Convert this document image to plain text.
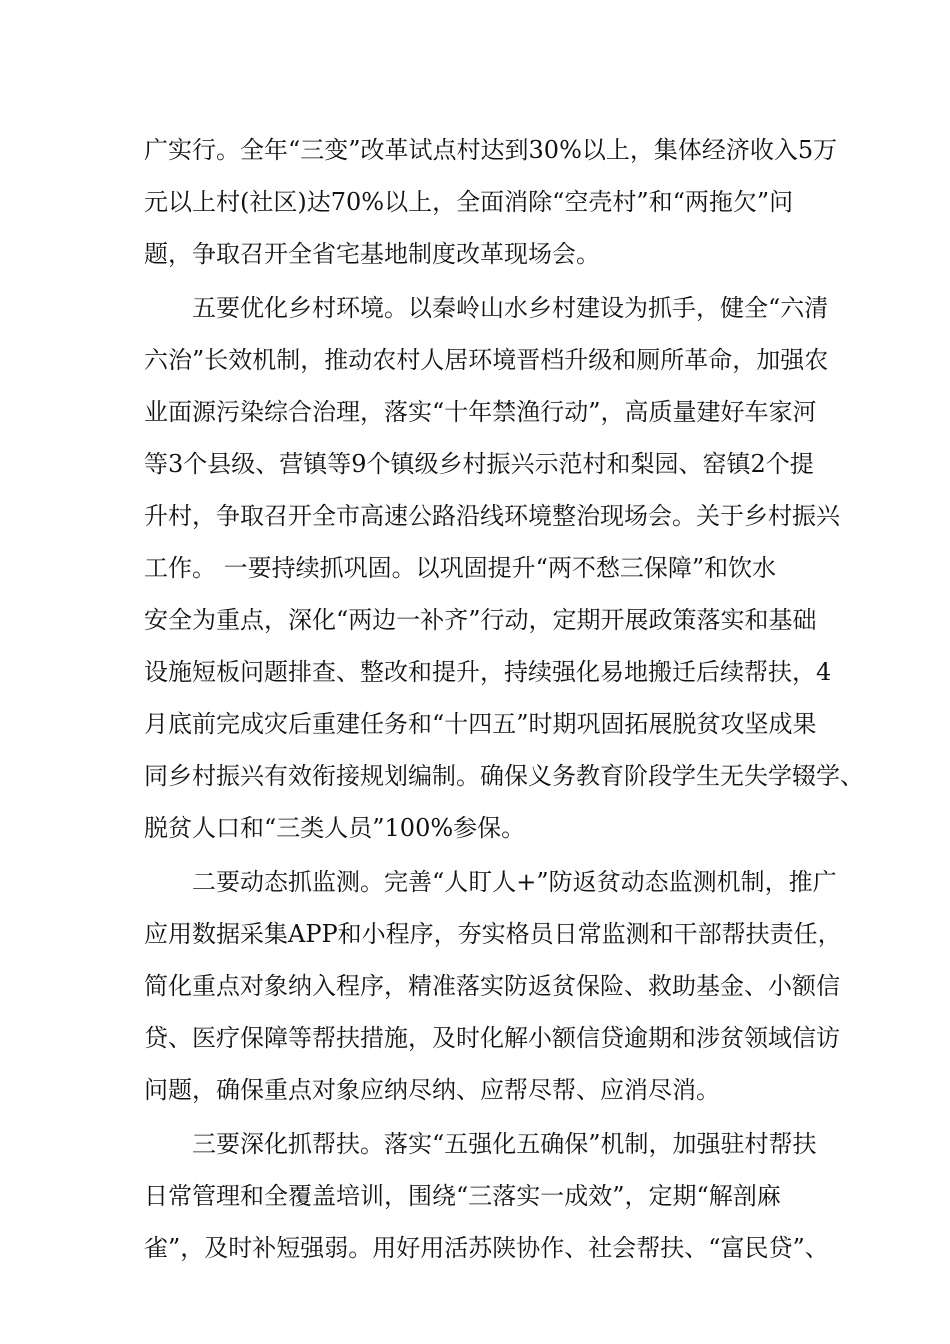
广实行。全年“三变”改革试点村达到30%以上，集体经济收入5万
元以上村(社区)达70%以上，全面消除“空壳村”和“两拖欠”问
题，争取召开全省宅基地制度改革现场会。
五要优化乡村环境。以秦岭山水乡村建设为抓手，健全“六清
六治”长效机制，推动农村人居环境晋档升级和厕所革命，加强农
业面源污染综合治理，落实“十年禁渔行动”，高质量建好车家河
等3个县级、营镇等9个镇级乡村振兴示范村和梨园、窑镇2个提
升村，争取召开全市高速公路沿线环境整治现场会。关于乡村振兴
工作。 一要持续抓巩固。以巩固提升“两不愁三保障”和饮水
安全为重点，深化“两边一补齐”行动，定期开展政策落实和基础
设施短板问题排查、整改和提升，持续强化易地搬迁后续帮扶，4
月底前完成灾后重建任务和“十四五”时期巩固拓展脱贫攻坚成果
同乡村振兴有效衔接规划编制。确保义务教育阶段学生无失学辍学、
脱贫人口和“三类人员”100%参保。
二要动态抓监测。完善“人盯人+”防返贫动态监测机制，推广
应用数据采集APP和小程序，夯实格员日常监测和干部帮扶责任，
简化重点对象纳入程序，精准落实防返贫保险、救助基金、小额信
贷、医疗保障等帮扶措施，及时化解小额信贷逾期和涉贫领域信访
问题，确保重点对象应纳尽纳、应帮尽帮、应消尽消。
三要深化抓帮扶。落实“五强化五确保”机制，加强驻村帮扶
日常管理和全覆盖培训，围绕“三落实一成效”，定期“解剖麻
雀”，及时补短强弱。用好用活苏陕协作、社会帮扶、“富民贷”、
